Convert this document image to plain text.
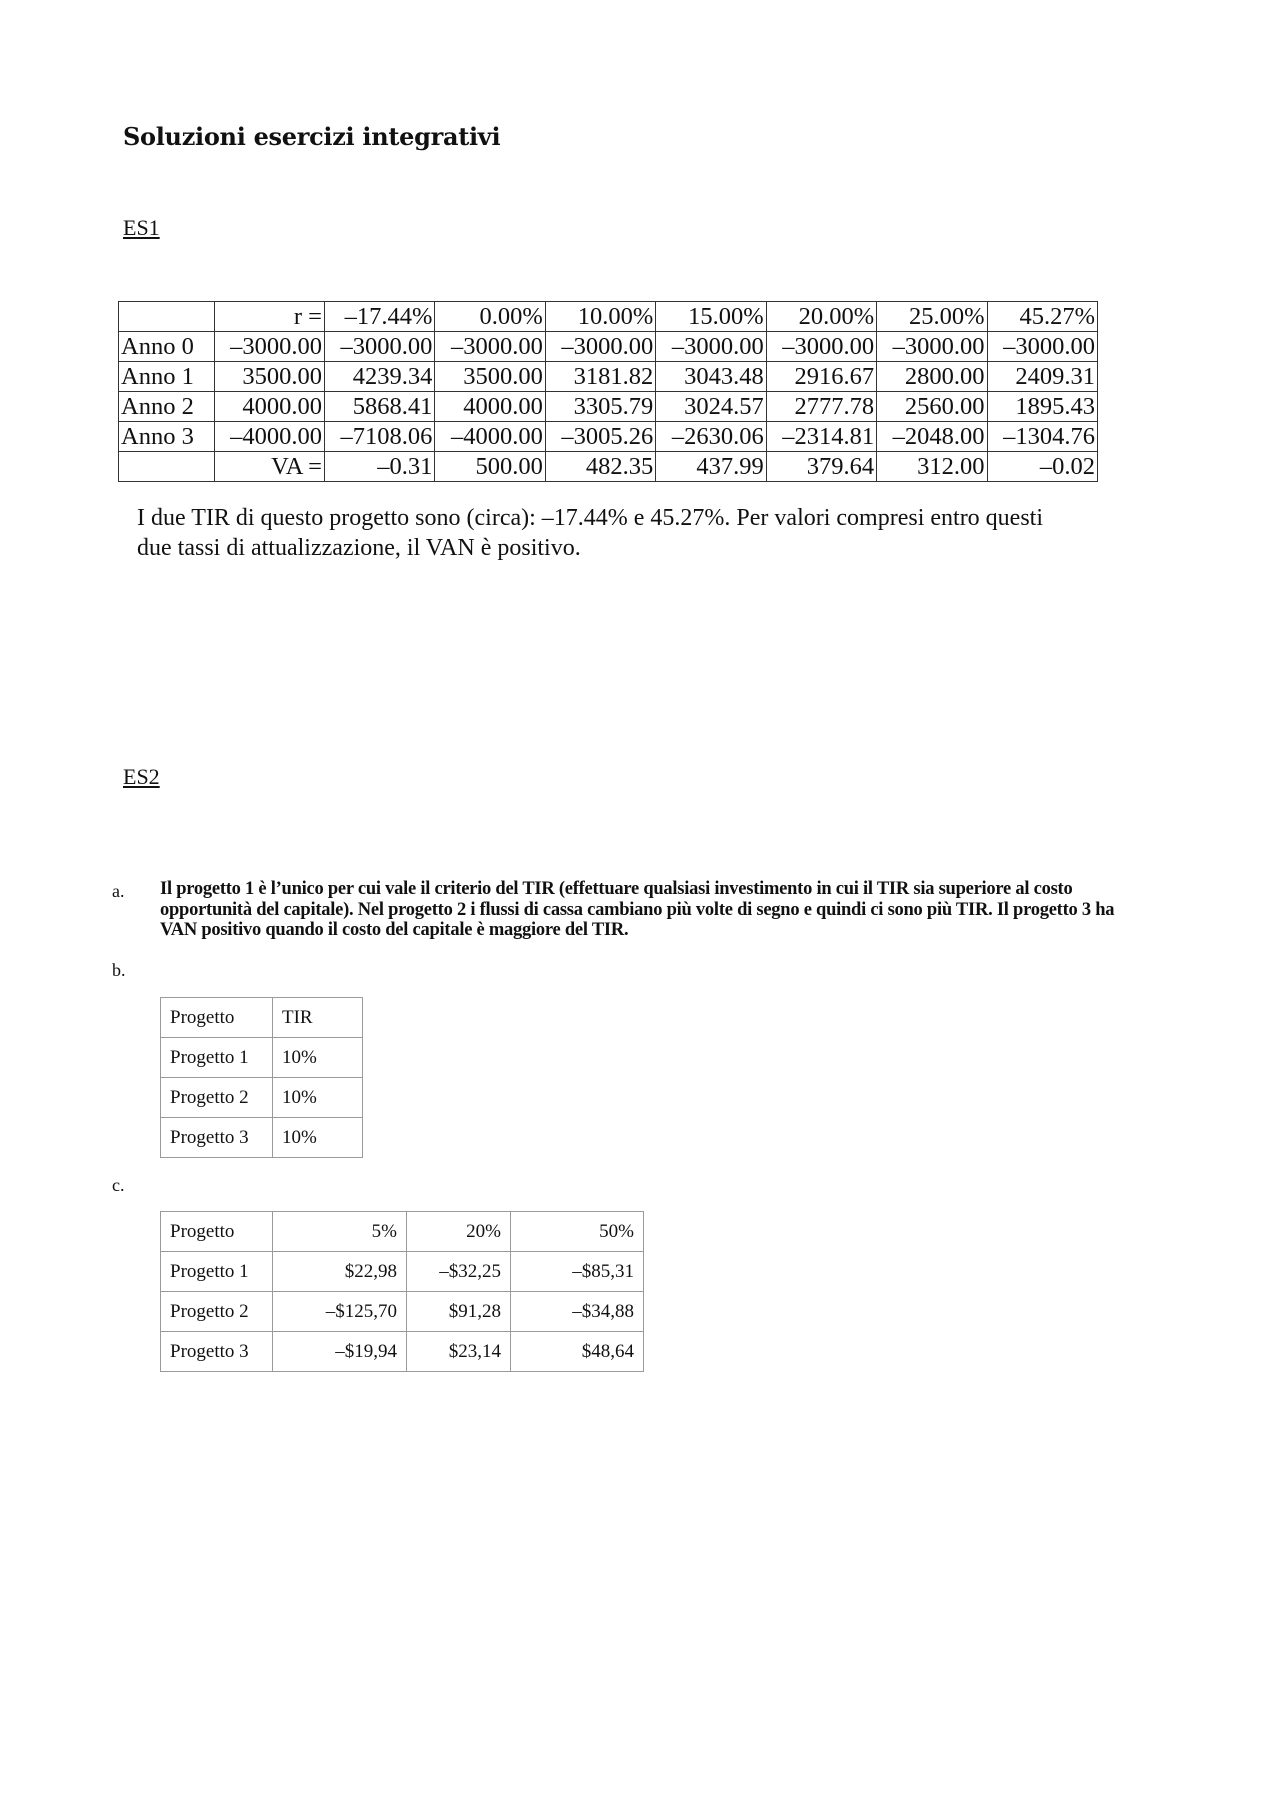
Soluzioni esercizi integrativi
ES1
	r =	–17.44%	0.00%	10.00%	15.00%	20.00%	25.00%	45.27%
Anno 0	–3000.00	–3000.00	–3000.00	–3000.00	–3000.00	–3000.00	–3000.00	–3000.00
Anno 1	3500.00	4239.34	3500.00	3181.82	3043.48	2916.67	2800.00	2409.31
Anno 2	4000.00	5868.41	4000.00	3305.79	3024.57	2777.78	2560.00	1895.43
Anno 3	–4000.00	–7108.06	–4000.00	–3005.26	–2630.06	–2314.81	–2048.00	–1304.76
	VA =	–0.31	500.00	482.35	437.99	379.64	312.00	–0.02
I due TIR di questo progetto sono (circa): –17.44% e 45.27%. Per valori compresi entro questi due tassi di attualizzazione, il VAN è positivo.
ES2
a. Il progetto 1 è l’unico per cui vale il criterio del TIR (effettuare qualsiasi investimento in cui il TIR sia superiore al costo opportunità del capitale). Nel progetto 2 i flussi di cassa cambiano più volte di segno e quindi ci sono più TIR. Il progetto 3 ha VAN positivo quando il costo del capitale è maggiore del TIR.
b.
Progetto	TIR
Progetto 1	10%
Progetto 2	10%
Progetto 3	10%
c.
Progetto	5%	20%	50%
Progetto 1	$22,98	–$32,25	–$85,31
Progetto 2	–$125,70	$91,28	–$34,88
Progetto 3	–$19,94	$23,14	$48,64
